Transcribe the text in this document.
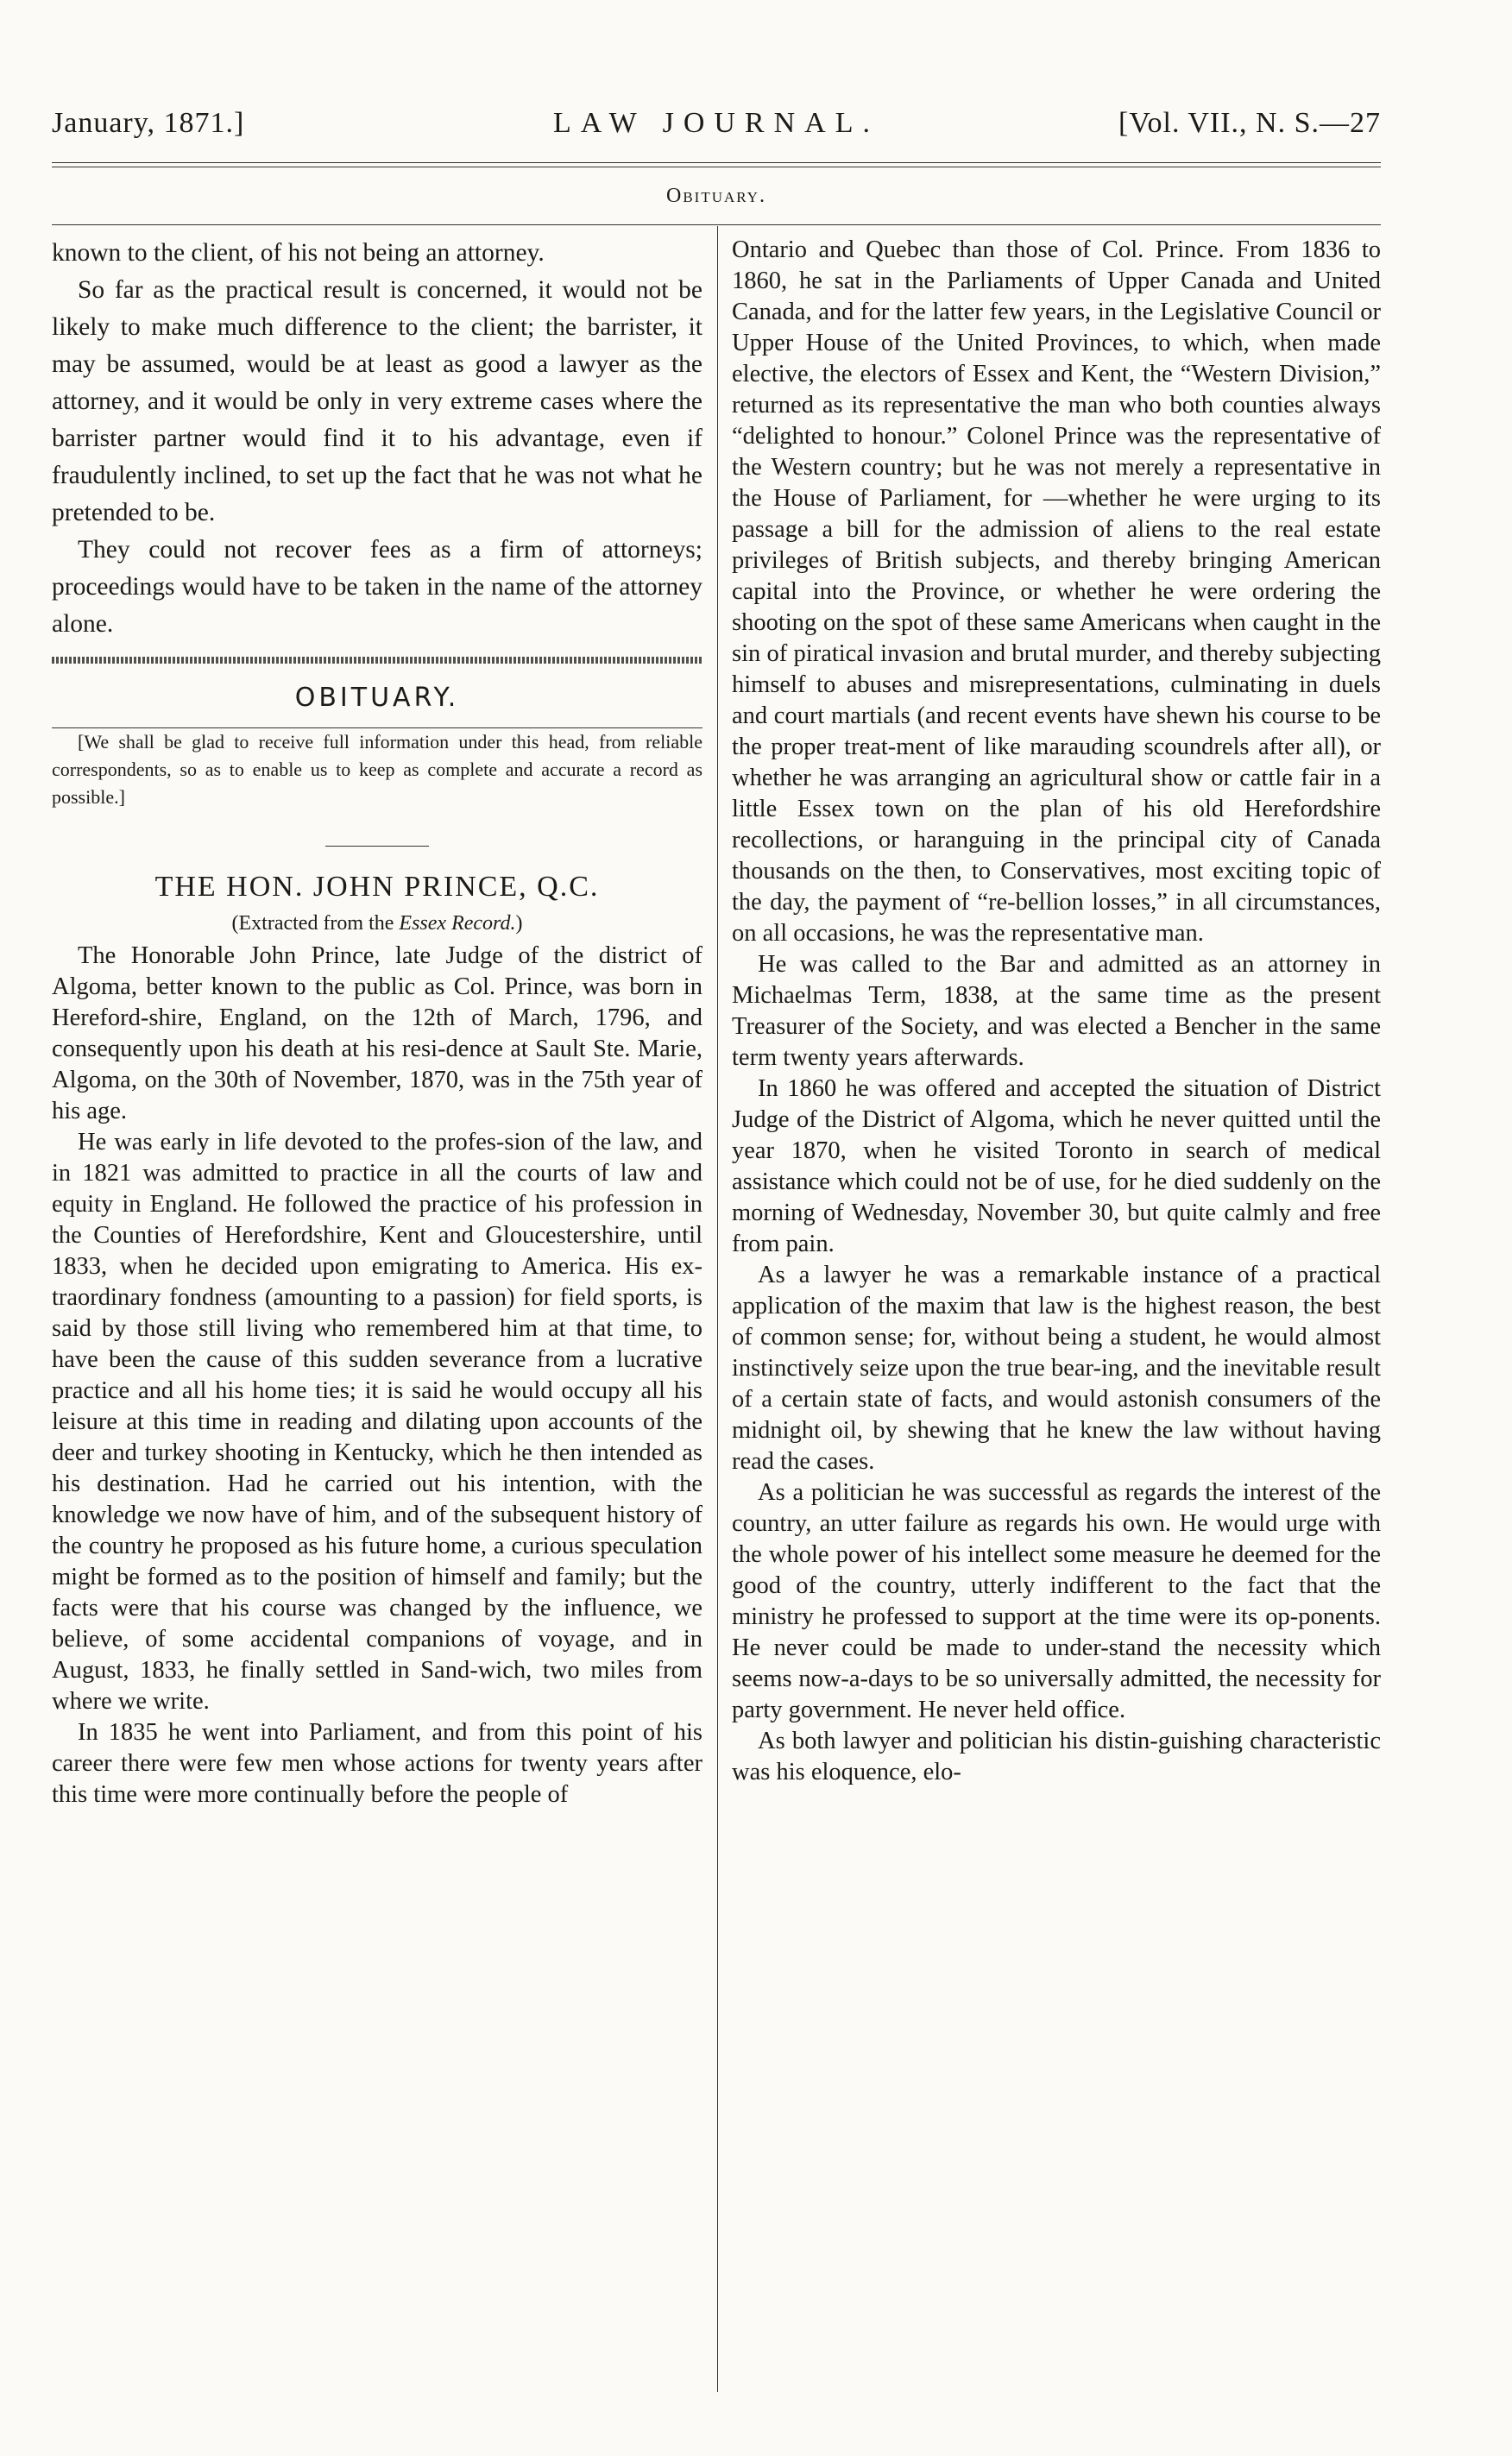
January, 1871.]	LAW JOURNAL.	[Vol. VII., N. S.—27
Obituary.

known to the client, of his not being an attorney.

So far as the practical result is concerned, it would not be likely to make much difference to the client; the barrister, it may be assumed, would be at least as good a lawyer as the attorney, and it would be only in very extreme cases where the barrister partner would find it to his advantage, even if fraudulently inclined, to set up the fact that he was not what he pretended to be.

They could not recover fees as a firm of attorneys; proceedings would have to be taken in the name of the attorney alone.

OBITUARY.

[We shall be glad to receive full information under this head, from reliable correspondents, so as to enable us to keep as complete and accurate a record as possible.]

THE HON. JOHN PRINCE, Q.C.
(Extracted from the Essex Record.)

The Honorable John Prince, late Judge of the district of Algoma, better known to the public as Col. Prince, was born in Hereford-shire, England, on the 12th of March, 1796, and consequently upon his death at his resi-dence at Sault Ste. Marie, Algoma, on the 30th of November, 1870, was in the 75th year of his age.

He was early in life devoted to the profes-sion of the law, and in 1821 was admitted to practice in all the courts of law and equity in England. He followed the practice of his profession in the Counties of Herefordshire, Kent and Gloucestershire, until 1833, when he decided upon emigrating to America. His ex-traordinary fondness (amounting to a passion) for field sports, is said by those still living who remembered him at that time, to have been the cause of this sudden severance from a lucrative practice and all his home ties; it is said he would occupy all his leisure at this time in reading and dilating upon accounts of the deer and turkey shooting in Kentucky, which he then intended as his destination. Had he carried out his intention, with the knowledge we now have of him, and of the subsequent history of the country he proposed as his future home, a curious speculation might be formed as to the position of himself and family; but the facts were that his course was changed by the influence, we believe, of some accidental companions of voyage, and in August, 1833, he finally settled in Sand-wich, two miles from where we write.

In 1835 he went into Parliament, and from this point of his career there were few men whose actions for twenty years after this time were more continually before the people of

Ontario and Quebec than those of Col. Prince. From 1836 to 1860, he sat in the Parliaments of Upper Canada and United Canada, and for the latter few years, in the Legislative Council or Upper House of the United Provinces, to which, when made elective, the electors of Essex and Kent, the “Western Division,” returned as its representative the man who both counties always “delighted to honour.” Colonel Prince was the representative of the Western country; but he was not merely a representative in the House of Parliament, for —whether he were urging to its passage a bill for the admission of aliens to the real estate privileges of British subjects, and thereby bringing American capital into the Province, or whether he were ordering the shooting on the spot of these same Americans when caught in the sin of piratical invasion and brutal murder, and thereby subjecting himself to abuses and misrepresentations, culminating in duels and court martials (and recent events have shewn his course to be the proper treat-ment of like marauding scoundrels after all), or whether he was arranging an agricultural show or cattle fair in a little Essex town on the plan of his old Herefordshire recollections, or haranguing in the principal city of Canada thousands on the then, to Conservatives, most exciting topic of the day, the payment of “re-bellion losses,” in all circumstances, on all occasions, he was the representative man.

He was called to the Bar and admitted as an attorney in Michaelmas Term, 1838, at the same time as the present Treasurer of the Society, and was elected a Bencher in the same term twenty years afterwards.

In 1860 he was offered and accepted the situation of District Judge of the District of Algoma, which he never quitted until the year 1870, when he visited Toronto in search of medical assistance which could not be of use, for he died suddenly on the morning of Wednesday, November 30, but quite calmly and free from pain.

As a lawyer he was a remarkable instance of a practical application of the maxim that law is the highest reason, the best of common sense; for, without being a student, he would almost instinctively seize upon the true bear-ing, and the inevitable result of a certain state of facts, and would astonish consumers of the midnight oil, by shewing that he knew the law without having read the cases.

As a politician he was successful as regards the interest of the country, an utter failure as regards his own. He would urge with the whole power of his intellect some measure he deemed for the good of the country, utterly indifferent to the fact that the ministry he professed to support at the time were its op-ponents. He never could be made to under-stand the necessity which seems now-a-days to be so universally admitted, the necessity for party government. He never held office.

As both lawyer and politician his distin-guishing characteristic was his eloquence, elo-
